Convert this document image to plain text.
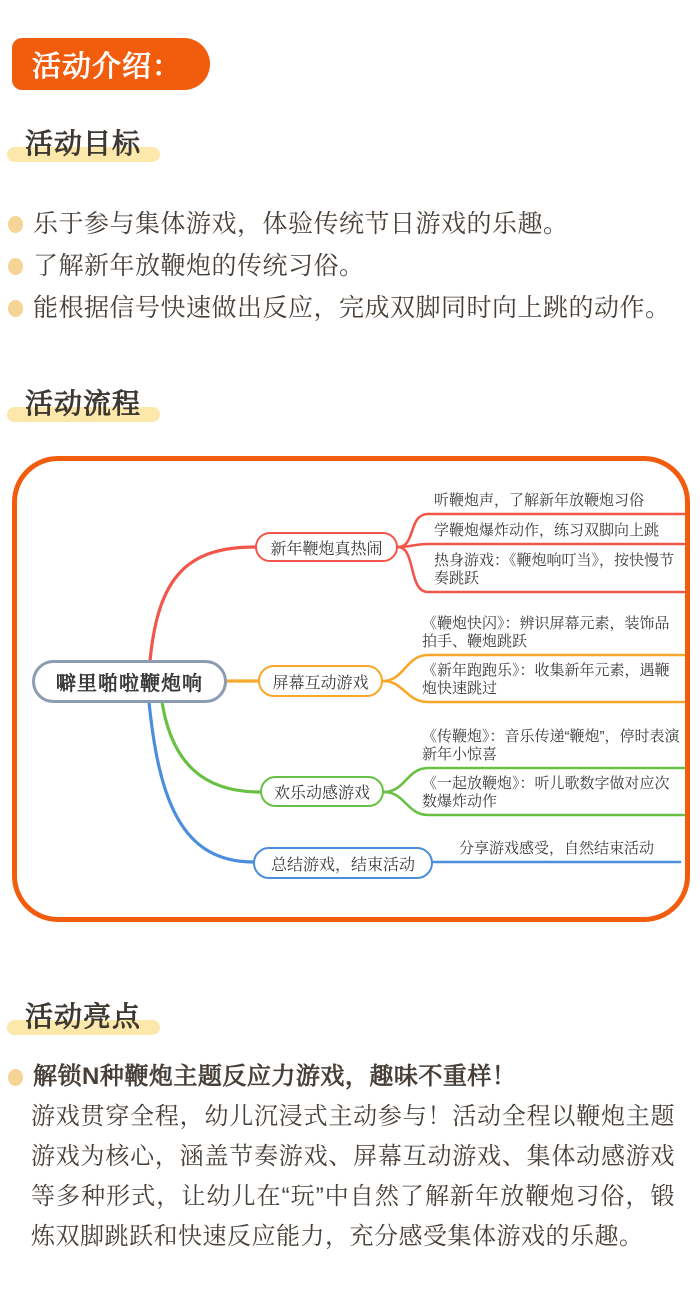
活动介绍：
活动目标
乐于参与集体游戏，体验传统节日游戏的乐趣。
了解新年放鞭炮的传统习俗。
能根据信号快速做出反应，完成双脚同时向上跳的动作。
活动流程
噼里啪啦鞭炮响
新年鞭炮真热闹
屏幕互动游戏
欢乐动感游戏
总结游戏，结束活动
听鞭炮声，了解新年放鞭炮习俗
学鞭炮爆炸动作，练习双脚向上跳
热身游戏：《鞭炮响叮当》，按快慢节奏跳跃
《鞭炮快闪》：辨识屏幕元素，装饰品拍手、鞭炮跳跃
《新年跑跑乐》：收集新年元素，遇鞭炮快速跳过
《传鞭炮》：音乐传递“鞭炮”，停时表演新年小惊喜
《一起放鞭炮》：听儿歌数字做对应次数爆炸动作
分享游戏感受，自然结束活动
活动亮点
解锁N种鞭炮主题反应力游戏，趣味不重样！
游戏贯穿全程，幼儿沉浸式主动参与！活动全程以鞭炮主题游戏为核心，涵盖节奏游戏、屏幕互动游戏、集体动感游戏等多种形式，让幼儿在“玩”中自然了解新年放鞭炮习俗，锻炼双脚跳跃和快速反应能力，充分感受集体游戏的乐趣。
